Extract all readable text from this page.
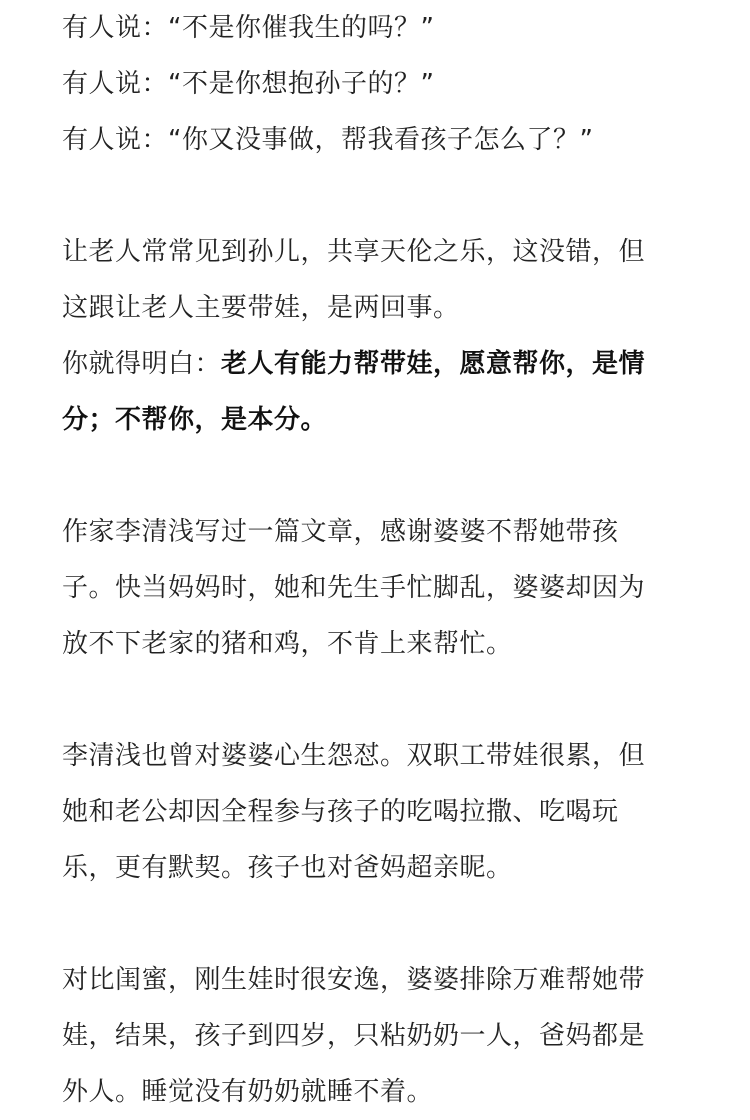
有人说：“不是你催我生的吗？”
有人说：“不是你想抱孙子的？”
有人说：“你又没事做，帮我看孩子怎么了？”
让老人常常见到孙儿，共享天伦之乐，这没错，但
这跟让老人主要带娃，是两回事。
你就得明白：老人有能力帮带娃，愿意帮你，是情
分；不帮你，是本分。
作家李清浅写过一篇文章，感谢婆婆不帮她带孩
子。快当妈妈时，她和先生手忙脚乱，婆婆却因为
放不下老家的猪和鸡，不肯上来帮忙。
李清浅也曾对婆婆心生怨怼。双职工带娃很累，但
她和老公却因全程参与孩子的吃喝拉撒、吃喝玩
乐，更有默契。孩子也对爸妈超亲昵。
对比闺蜜，刚生娃时很安逸，婆婆排除万难帮她带
娃，结果，孩子到四岁，只粘奶奶一人，爸妈都是
外人。睡觉没有奶奶就睡不着。
